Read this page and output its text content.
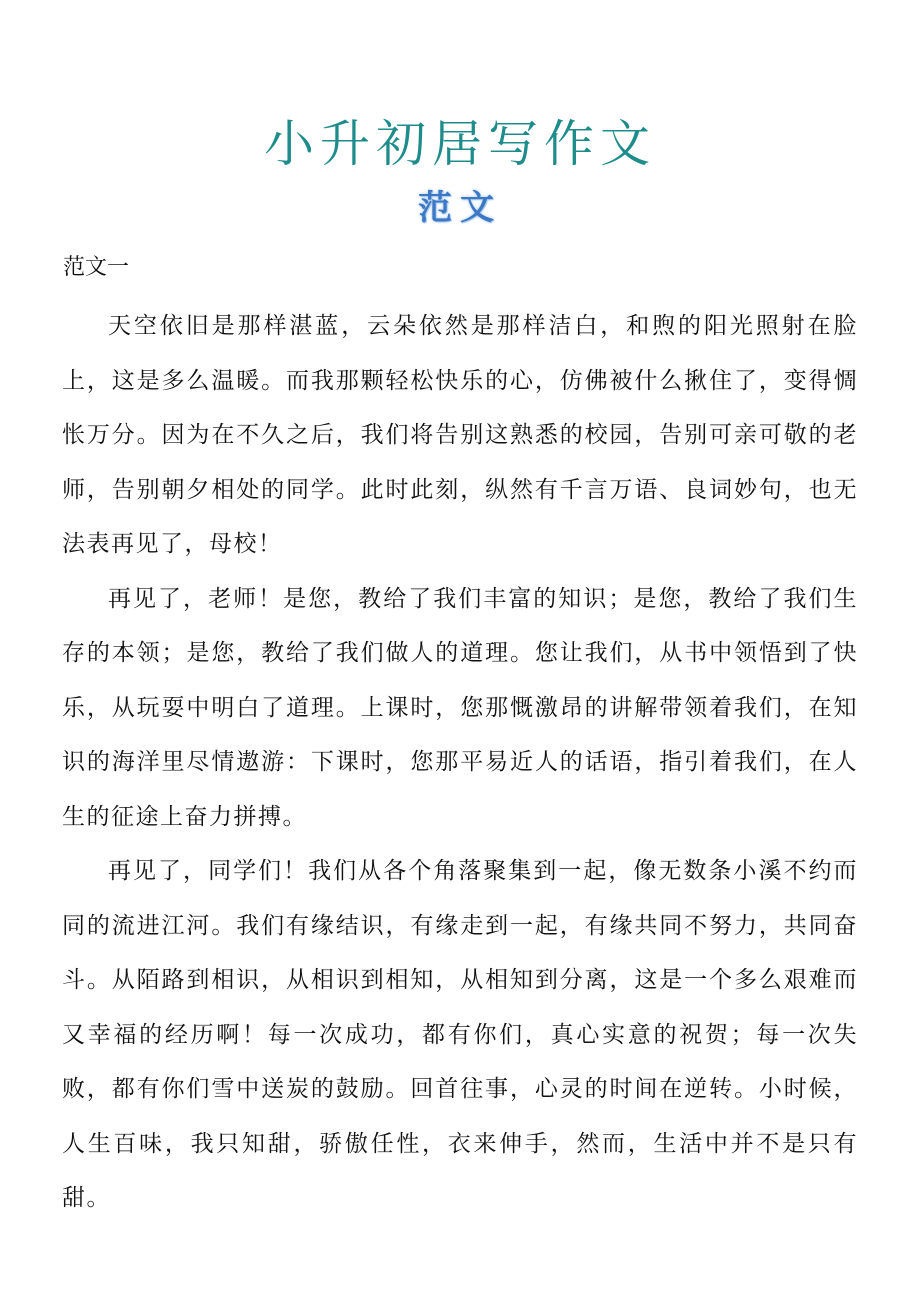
小升初居写作文
范文
范文一

天空依旧是那样湛蓝，云朵依然是那样洁白，和煦的阳光照射在脸上，这是多么温暖。而我那颗轻松快乐的心，仿佛被什么揪住了，变得惆怅万分。因为在不久之后，我们将告别这熟悉的校园，告别可亲可敬的老师，告别朝夕相处的同学。此时此刻，纵然有千言万语、良词妙句，也无法表再见了，母校！

再见了，老师！是您，教给了我们丰富的知识；是您，教给了我们生存的本领；是您，教给了我们做人的道理。您让我们，从书中领悟到了快乐，从玩耍中明白了道理。上课时，您那慨激昂的讲解带领着我们，在知识的海洋里尽情遨游：下课时，您那平易近人的话语，指引着我们，在人生的征途上奋力拼搏。

再见了，同学们！我们从各个角落聚集到一起，像无数条小溪不约而同的流进江河。我们有缘结识，有缘走到一起，有缘共同不努力，共同奋斗。从陌路到相识，从相识到相知，从相知到分离，这是一个多么艰难而又幸福的经历啊！每一次成功，都有你们，真心实意的祝贺；每一次失败，都有你们雪中送炭的鼓励。回首往事，心灵的时间在逆转。小时候，人生百味，我只知甜，骄傲任性，衣来伸手，然而，生活中并不是只有甜。
